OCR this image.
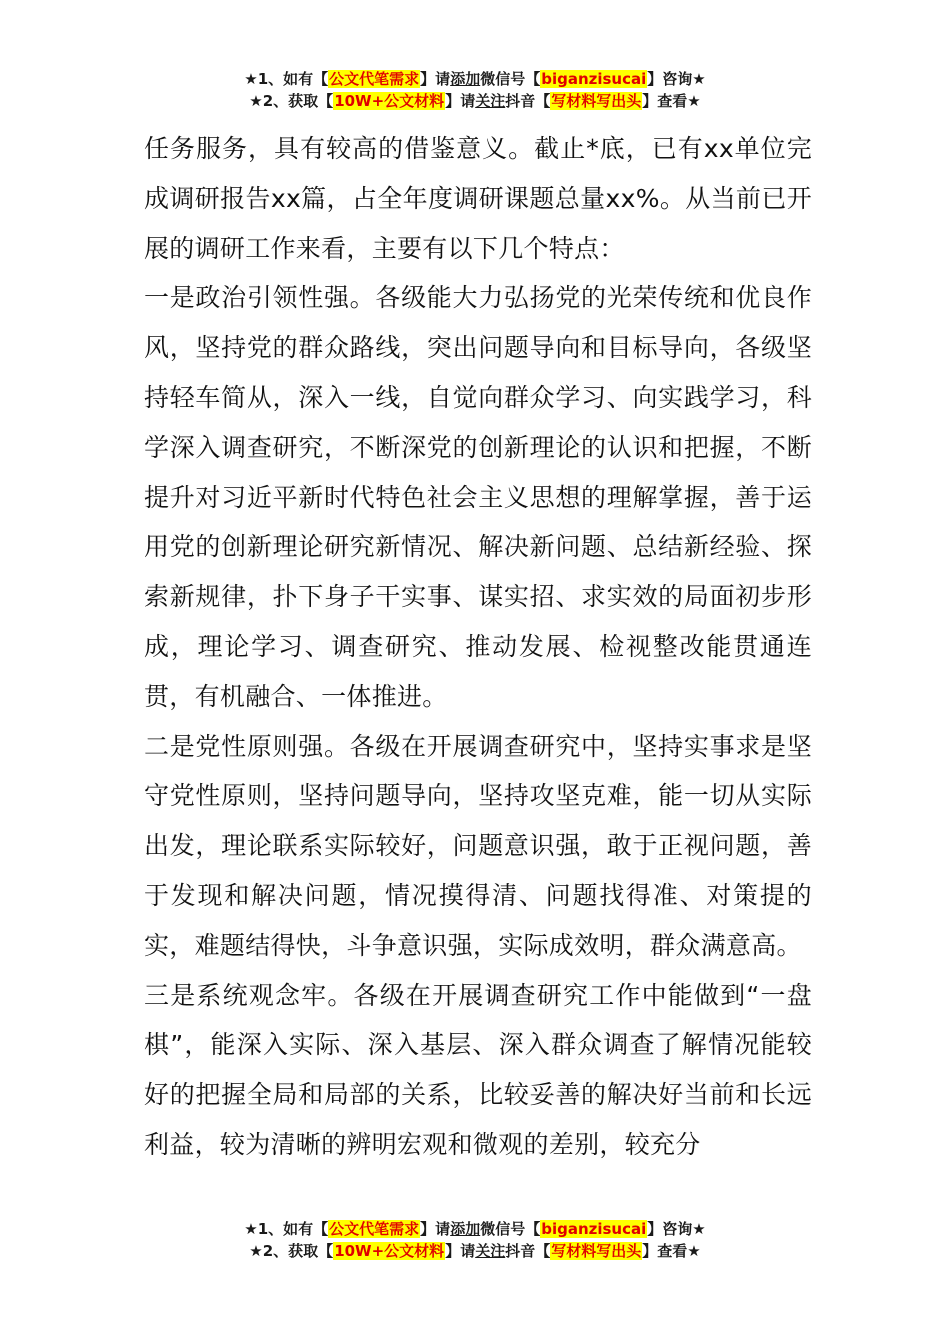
★1、如有【公文代笔需求】请添加微信号【biganzisucai】咨询★
★2、获取【10W+公文材料】请关注抖音【写材料写出头】查看★

任务服务，具有较高的借鉴意义。截止*底，已有xx单位完成调研报告xx篇，占全年度调研课题总量xx%。从当前已开展的调研工作来看，主要有以下几个特点：

一是政治引领性强。各级能大力弘扬党的光荣传统和优良作风，坚持党的群众路线，突出问题导向和目标导向，各级坚持轻车简从，深入一线，自觉向群众学习、向实践学习，科学深入调查研究，不断深党的创新理论的认识和把握，不断提升对习近平新时代特色社会主义思想的理解掌握，善于运用党的创新理论研究新情况、解决新问题、总结新经验、探索新规律，扑下身子干实事、谋实招、求实效的局面初步形成，理论学习、调查研究、推动发展、检视整改能贯通连贯，有机融合、一体推进。

二是党性原则强。各级在开展调查研究中，坚持实事求是坚守党性原则，坚持问题导向，坚持攻坚克难，能一切从实际出发，理论联系实际较好，问题意识强，敢于正视问题，善于发现和解决问题，情况摸得清、问题找得准、对策提的实，难题结得快，斗争意识强，实际成效明，群众满意高。

三是系统观念牢。各级在开展调查研究工作中能做到“一盘棋”，能深入实际、深入基层、深入群众调查了解情况能较好的把握全局和局部的关系，比较妥善的解决好当前和长远利益，较为清晰的辨明宏观和微观的差别，较充分

★1、如有【公文代笔需求】请添加微信号【biganzisucai】咨询★
★2、获取【10W+公文材料】请关注抖音【写材料写出头】查看★
